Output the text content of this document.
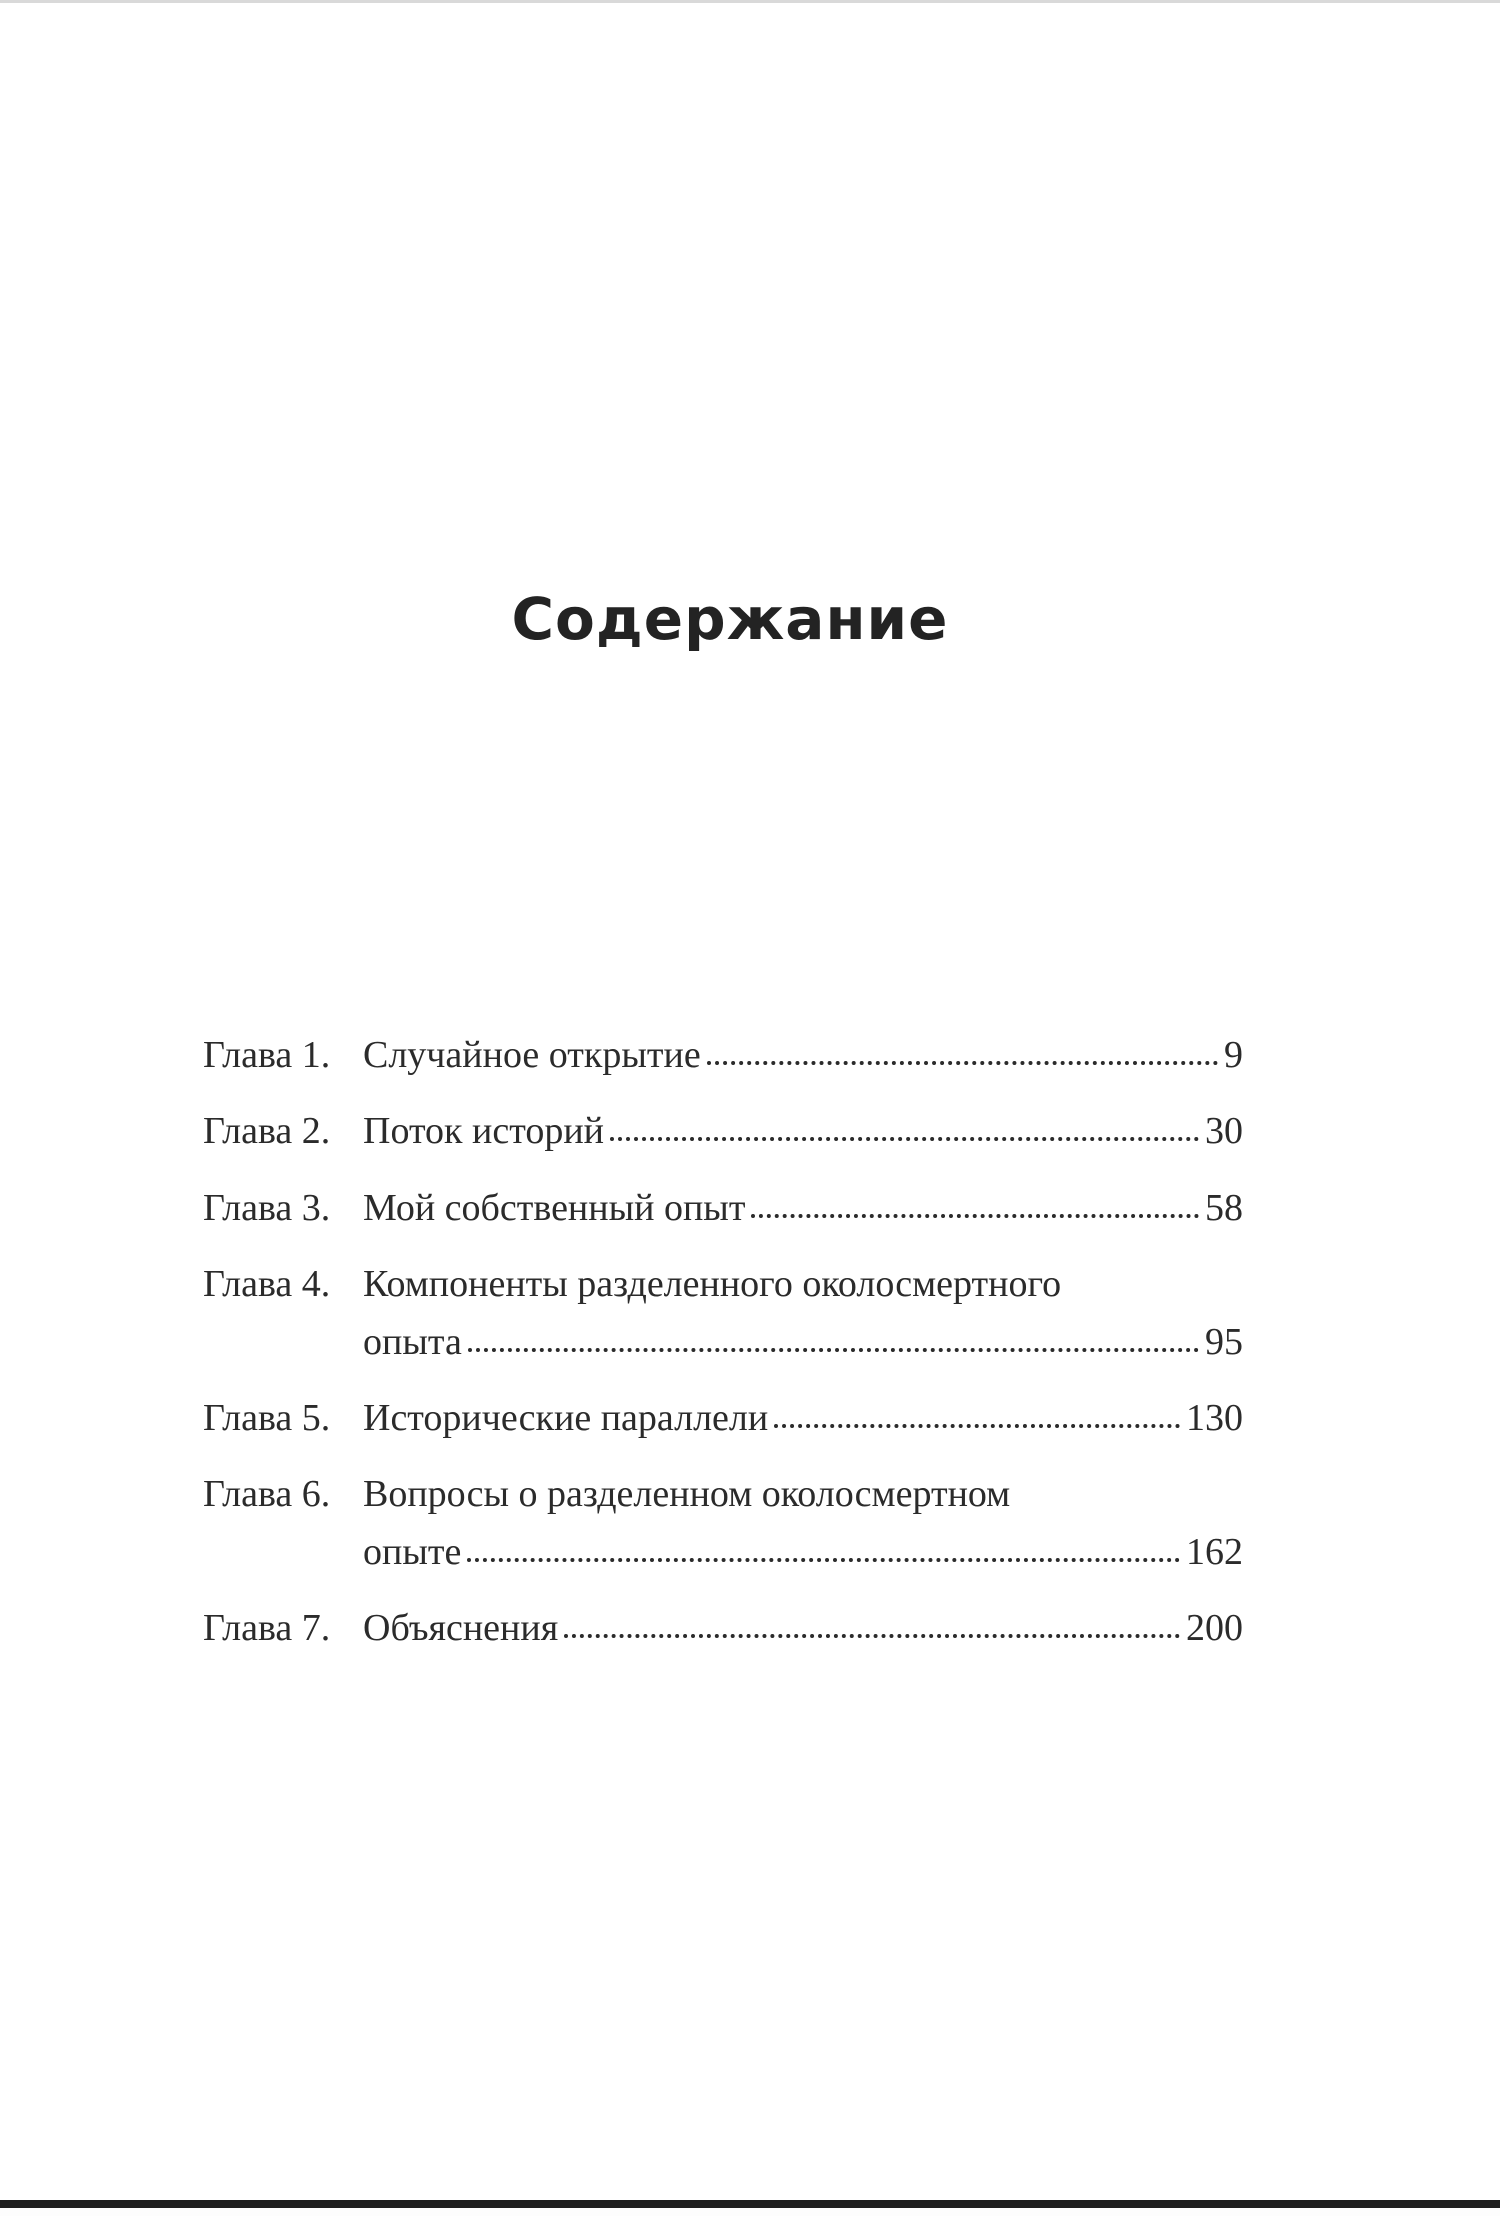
Содержание
Глава 1. Случайное открытие	9
Глава 2. Поток историй	30
Глава 3. Мой собственный опыт	58
Глава 4. Компоненты разделенного околосмертного
опыта	95
Глава 5. Исторические параллели	130
Глава 6. Вопросы о разделенном околосмертном
опыте	162
Глава 7. Объяснения	200
